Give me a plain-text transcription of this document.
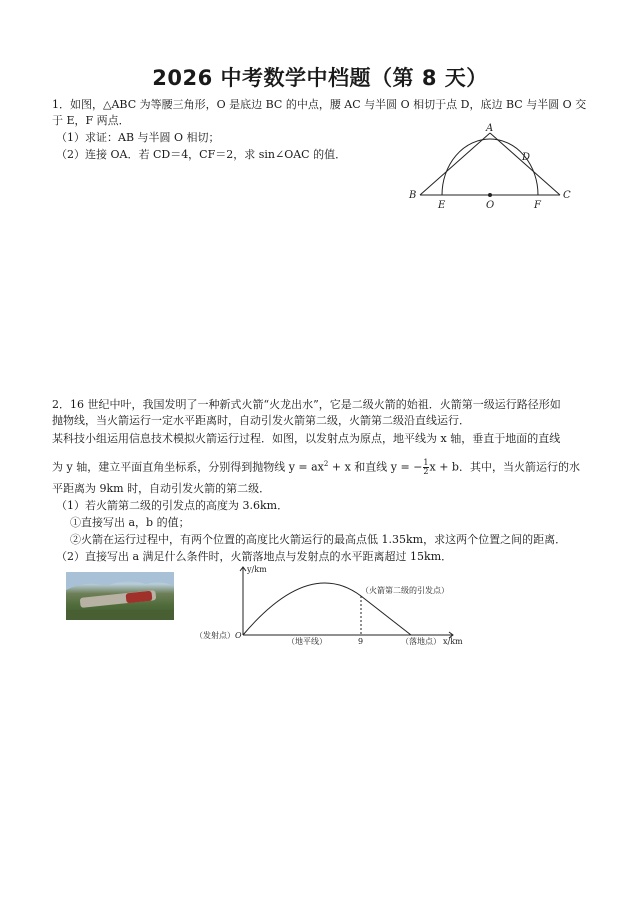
2026 中考数学中档题（第 8 天）
1．如图，△ABC 为等腰三角形，O 是底边 BC 的中点，腰 AC 与半圆 O 相切于点 D，底边 BC 与半圆 O 交
于 E，F 两点．
（1）求证：AB 与半圆 O 相切；
（2）连接 OA．若 CD＝4，CF＝2，求 sin∠OAC 的值．
A
B	C
D
E	O	F
2．16 世纪中叶，我国发明了一种新式火箭“火龙出水”，它是二级火箭的始祖．火箭第一级运行路径形如
抛物线，当火箭运行一定水平距离时，自动引发火箭第二级，火箭第二级沿直线运行．
某科技小组运用信息技术模拟火箭运行过程．如图，以发射点为原点，地平线为 x 轴，垂直于地面的直线
为 y 轴，建立平面直角坐标系，分别得到抛物线 $y = ax^2 + x$ 和直线 y = − $\frac{1}{2}$ x + b．其中，当火箭运行的水
平距离为 9km 时，自动引发火箭的第二级．
（1）若火箭第二级的引发点的高度为 3.6km．
①直接写出 a，b 的值；
②火箭在运行过程中，有两个位置的高度比火箭运行的最高点低 1.35km，求这两个位置之间的距离．
（2）直接写出 a 满足什么条件时，火箭落地点与发射点的水平距离超过 15km．
y/km
x/km
O
（发射点）
（地平线）	9	（落地点）
（火箭第二级的引发点）
